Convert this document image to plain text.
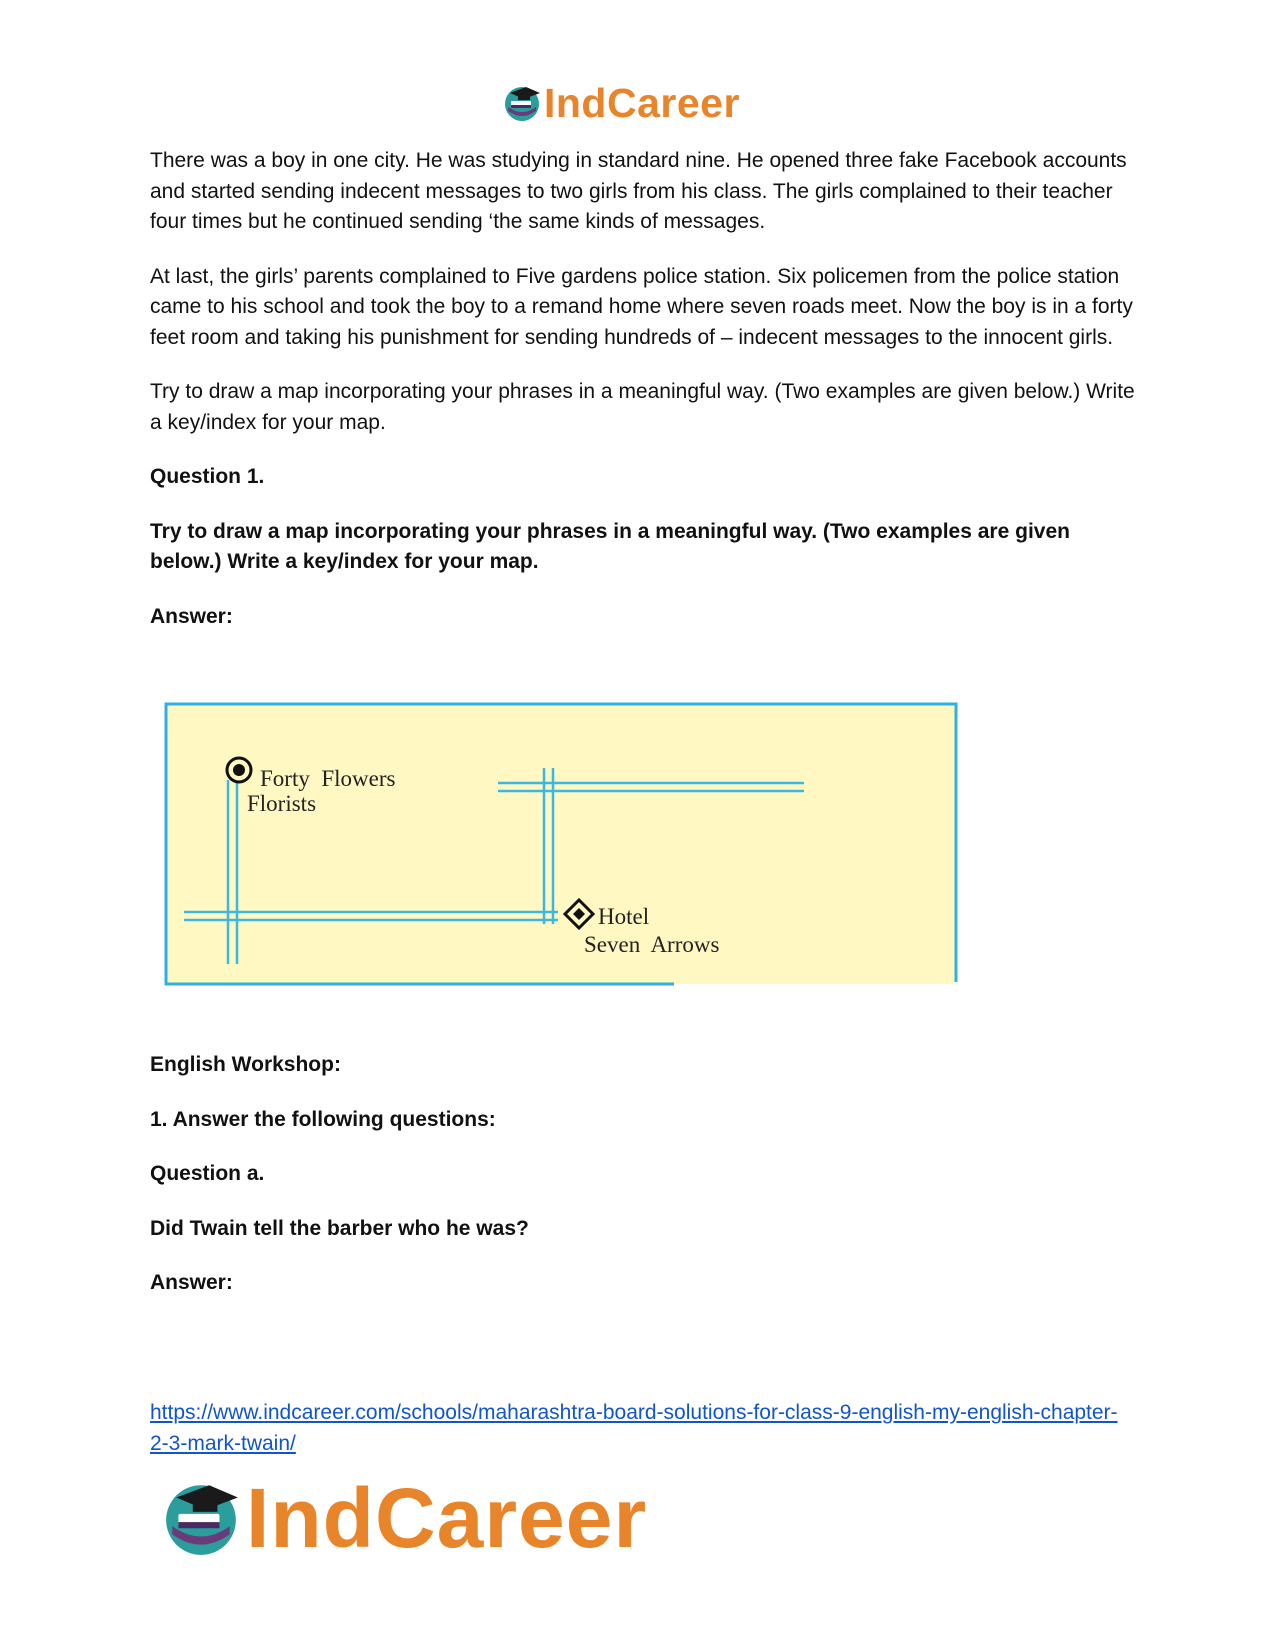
IndCareer

There was a boy in one city. He was studying in standard nine. He opened three fake Facebook accounts and started sending indecent messages to two girls from his class. The girls complained to their teacher four times but he continued sending ‘the same kinds of messages.

At last, the girls’ parents complained to Five gardens police station. Six policemen from the police station came to his school and took the boy to a remand home where seven roads meet. Now the boy is in a forty feet room and taking his punishment for sending hundreds of – indecent messages to the innocent girls.

Try to draw a map incorporating your phrases in a meaningful way. (Two examples are given below.) Write a key/index for your map.

Question 1.

Try to draw a map incorporating your phrases in a meaningful way. (Two examples are given below.) Write a key/index for your map.

Answer:

Forty  Flowers
Florists
Hotel
Seven  Arrows

English Workshop:

1. Answer the following questions:

Question a.

Did Twain tell the barber who he was?

Answer:

https://www.indcareer.com/schools/maharashtra-board-solutions-for-class-9-english-my-english-chapter-2-3-mark-twain/
IndCareer
